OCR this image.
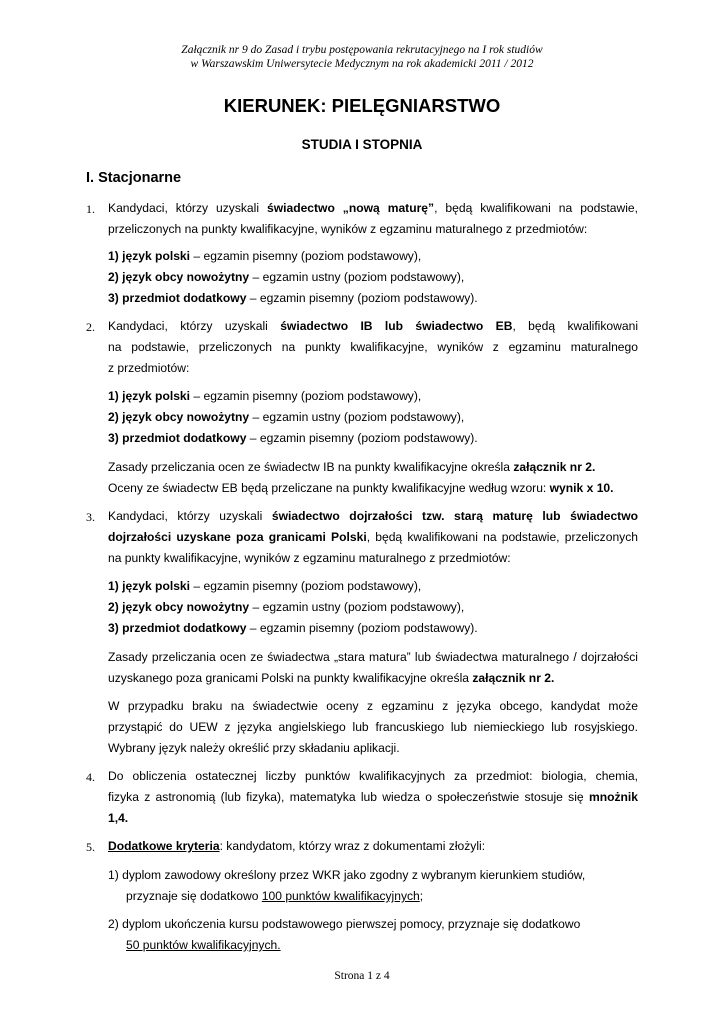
Załącznik nr 9 do Zasad i trybu postępowania rekrutacyjnego na I rok studiów
w Warszawskim Uniwersytecie Medycznym na rok akademicki 2011 / 2012
KIERUNEK: PIELĘGNIARSTWO
STUDIA I STOPNIA
I. Stacjonarne
1. Kandydaci, którzy uzyskali świadectwo „nową maturę”, będą kwalifikowani na podstawie,
przeliczonych na punkty kwalifikacyjne, wyników z egzaminu maturalnego z przedmiotów:
1) język polski – egzamin pisemny (poziom podstawowy),
2) język obcy nowożytny – egzamin ustny (poziom podstawowy),
3) przedmiot dodatkowy – egzamin pisemny (poziom podstawowy).
2. Kandydaci, którzy uzyskali świadectwo IB lub świadectwo EB, będą kwalifikowani
na podstawie, przeliczonych na punkty kwalifikacyjne, wyników z egzaminu maturalnego
z przedmiotów:
1) język polski – egzamin pisemny (poziom podstawowy),
2) język obcy nowożytny – egzamin ustny (poziom podstawowy),
3) przedmiot dodatkowy – egzamin pisemny (poziom podstawowy).
Zasady przeliczania ocen ze świadectw IB na punkty kwalifikacyjne określa załącznik nr 2.
Oceny ze świadectw EB będą przeliczane na punkty kwalifikacyjne według wzoru: wynik x 10.
3. Kandydaci, którzy uzyskali świadectwo dojrzałości tzw. starą maturę lub świadectwo
dojrzałości uzyskane poza granicami Polski, będą kwalifikowani na podstawie, przeliczonych
na punkty kwalifikacyjne, wyników z egzaminu maturalnego z przedmiotów:
1) język polski – egzamin pisemny (poziom podstawowy),
2) język obcy nowożytny – egzamin ustny (poziom podstawowy),
3) przedmiot dodatkowy – egzamin pisemny (poziom podstawowy).
Zasady przeliczania ocen ze świadectwa „stara matura” lub świadectwa maturalnego / dojrzałości
uzyskanego poza granicami Polski na punkty kwalifikacyjne określa załącznik nr 2.
W przypadku braku na świadectwie oceny z egzaminu z języka obcego, kandydat może
przystąpić do UEW z języka angielskiego lub francuskiego lub niemieckiego lub rosyjskiego.
Wybrany język należy określić przy składaniu aplikacji.
4. Do obliczenia ostatecznej liczby punktów kwalifikacyjnych za przedmiot: biologia, chemia,
fizyka z astronomią (lub fizyka), matematyka lub wiedza o społeczeństwie stosuje się mnożnik
1,4.
5. Dodatkowe kryteria: kandydatom, którzy wraz z dokumentami złożyli:
1) dyplom zawodowy określony przez WKR jako zgodny z wybranym kierunkiem studiów,
przyznaje się dodatkowo 100 punktów kwalifikacyjnych;
2) dyplom ukończenia kursu podstawowego pierwszej pomocy, przyznaje się dodatkowo
50 punktów kwalifikacyjnych.
Strona 1 z 4
